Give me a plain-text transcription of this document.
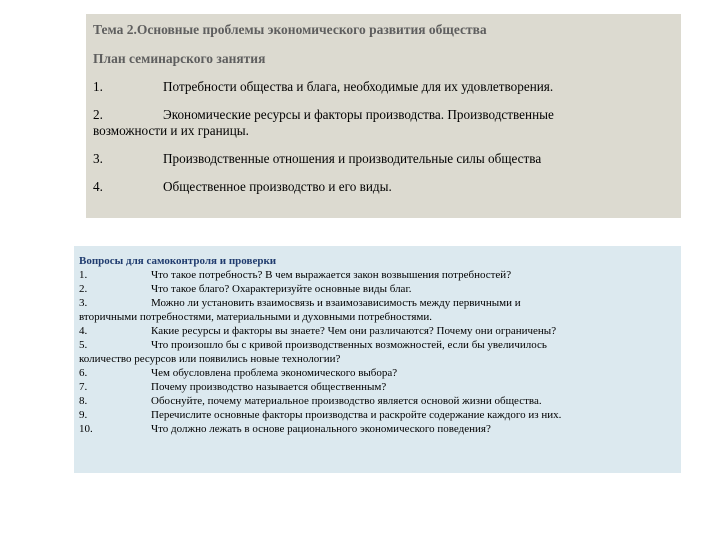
Тема 2.Основные проблемы экономического развития общества
План семинарского занятия
1.	Потребности общества и блага, необходимые для их удовлетворения.
2.	Экономические ресурсы и факторы производства. Производственные
возможности и их границы.
3.	Производственные отношения и производительные силы общества
4.	Общественное производство и его виды.
Вопросы для самоконтроля и проверки
1.	Что такое потребность? В чем выражается закон возвышения потребностей?
2.	Что такое благо? Охарактеризуйте основные виды благ.
3.	Можно ли установить взаимосвязь и взаимозависимость между первичными и
вторичными потребностями, материальными и духовными потребностями.
4.	Какие ресурсы и факторы вы знаете? Чем они различаются? Почему они ограничены?
5.	Что произошло бы с кривой производственных возможностей, если бы увеличилось
количество ресурсов или появились новые технологии?
6.	Чем обусловлена проблема экономического выбора?
7.	Почему производство называется общественным?
8.	Обоснуйте, почему материальное производство является основой жизни общества.
9.	Перечислите основные факторы производства и раскройте содержание каждого из них.
10.	Что должно лежать в основе рационального экономического поведения?
